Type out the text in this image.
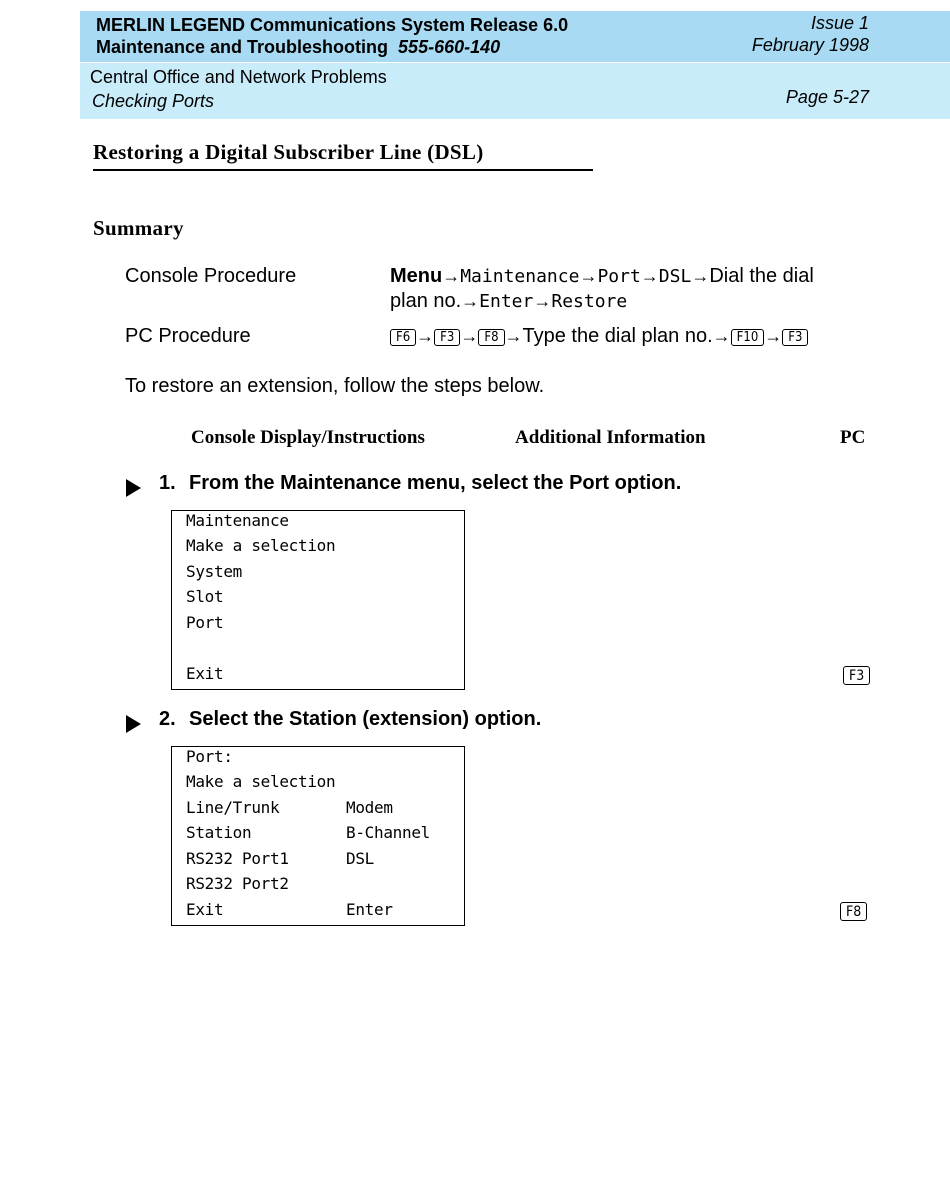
MERLIN LEGEND Communications System Release 6.0
Maintenance and Troubleshooting 555-660-140
Issue 1
February 1998
Central Office and Network Problems
Checking Ports	Page 5-27
Restoring a Digital Subscriber Line (DSL)
Summary
Console Procedure	Menu→Maintenance→Port→DSL→Dial the dial
plan no.→Enter→Restore
PC Procedure	F6 → F3 → F8 →Type the dial plan no.→ F10 → F3
To restore an extension, follow the steps below.
Console Display/Instructions	Additional Information	PC
1. From the Maintenance menu, select the Port option.
Maintenance
Make a selection
System
Slot
Port
Exit	F3
2. Select the Station (extension) option.
Port:
Make a selection
Line/Trunk	Modem
Station	B-Channel
RS232 Port1	DSL
RS232 Port2
Exit	Enter	F8
